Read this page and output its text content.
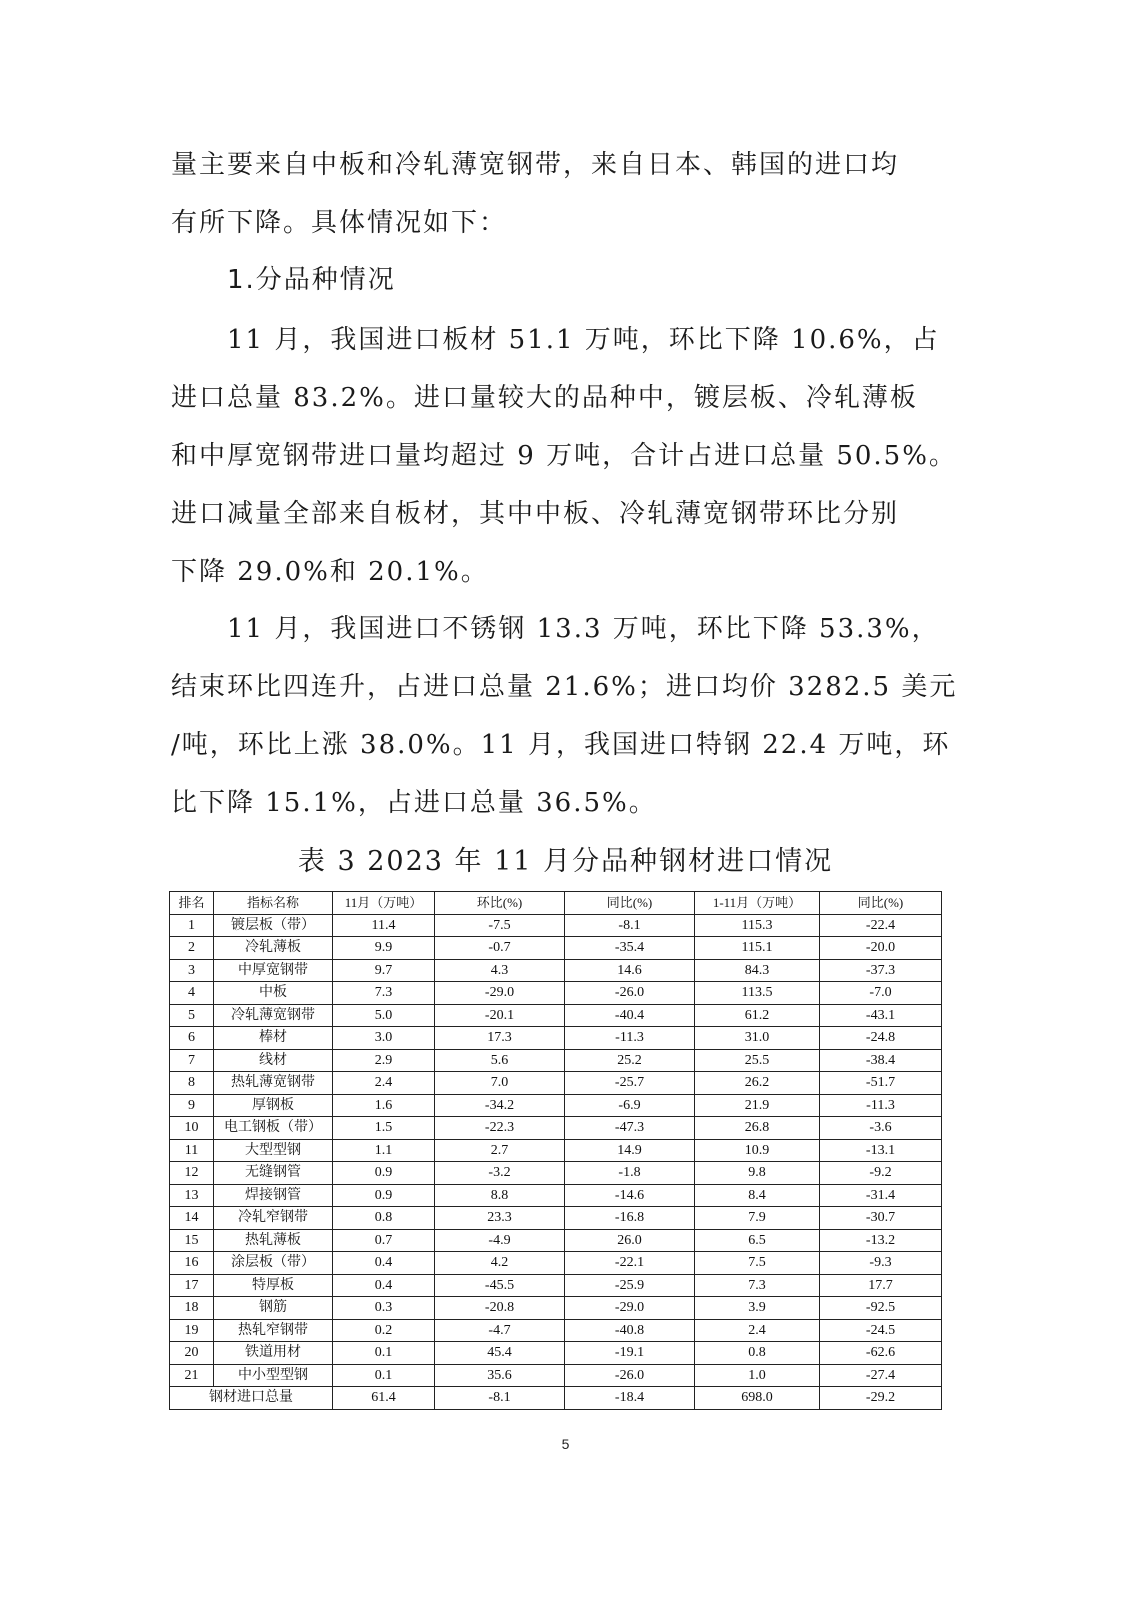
量主要来自中板和冷轧薄宽钢带，来自日本、韩国的进口均
有所下降。具体情况如下：
1.分品种情况
11 月，我国进口板材 51.1 万吨，环比下降 10.6%，占
进口总量 83.2%。进口量较大的品种中，镀层板、冷轧薄板
和中厚宽钢带进口量均超过 9 万吨，合计占进口总量 50.5%。
进口减量全部来自板材，其中中板、冷轧薄宽钢带环比分别
下降 29.0%和 20.1%。
11 月，我国进口不锈钢 13.3 万吨，环比下降 53.3%，
结束环比四连升，占进口总量 21.6%；进口均价 3282.5 美元
/吨，环比上涨 38.0%。11 月，我国进口特钢 22.4 万吨，环
比下降 15.1%，占进口总量 36.5%。
表 3 2023 年 11 月分品种钢材进口情况
排名	指标名称	11月（万吨）	环比(%)	同比(%)	1-11月（万吨）	同比(%)
1	镀层板（带）	11.4	-7.5	-8.1	115.3	-22.4
2	冷轧薄板	9.9	-0.7	-35.4	115.1	-20.0
3	中厚宽钢带	9.7	4.3	14.6	84.3	-37.3
4	中板	7.3	-29.0	-26.0	113.5	-7.0
5	冷轧薄宽钢带	5.0	-20.1	-40.4	61.2	-43.1
6	棒材	3.0	17.3	-11.3	31.0	-24.8
7	线材	2.9	5.6	25.2	25.5	-38.4
8	热轧薄宽钢带	2.4	7.0	-25.7	26.2	-51.7
9	厚钢板	1.6	-34.2	-6.9	21.9	-11.3
10	电工钢板（带）	1.5	-22.3	-47.3	26.8	-3.6
11	大型型钢	1.1	2.7	14.9	10.9	-13.1
12	无缝钢管	0.9	-3.2	-1.8	9.8	-9.2
13	焊接钢管	0.9	8.8	-14.6	8.4	-31.4
14	冷轧窄钢带	0.8	23.3	-16.8	7.9	-30.7
15	热轧薄板	0.7	-4.9	26.0	6.5	-13.2
16	涂层板（带）	0.4	4.2	-22.1	7.5	-9.3
17	特厚板	0.4	-45.5	-25.9	7.3	17.7
18	钢筋	0.3	-20.8	-29.0	3.9	-92.5
19	热轧窄钢带	0.2	-4.7	-40.8	2.4	-24.5
20	铁道用材	0.1	45.4	-19.1	0.8	-62.6
21	中小型型钢	0.1	35.6	-26.0	1.0	-27.4
钢材进口总量		61.4	-8.1	-18.4	698.0	-29.2
5
